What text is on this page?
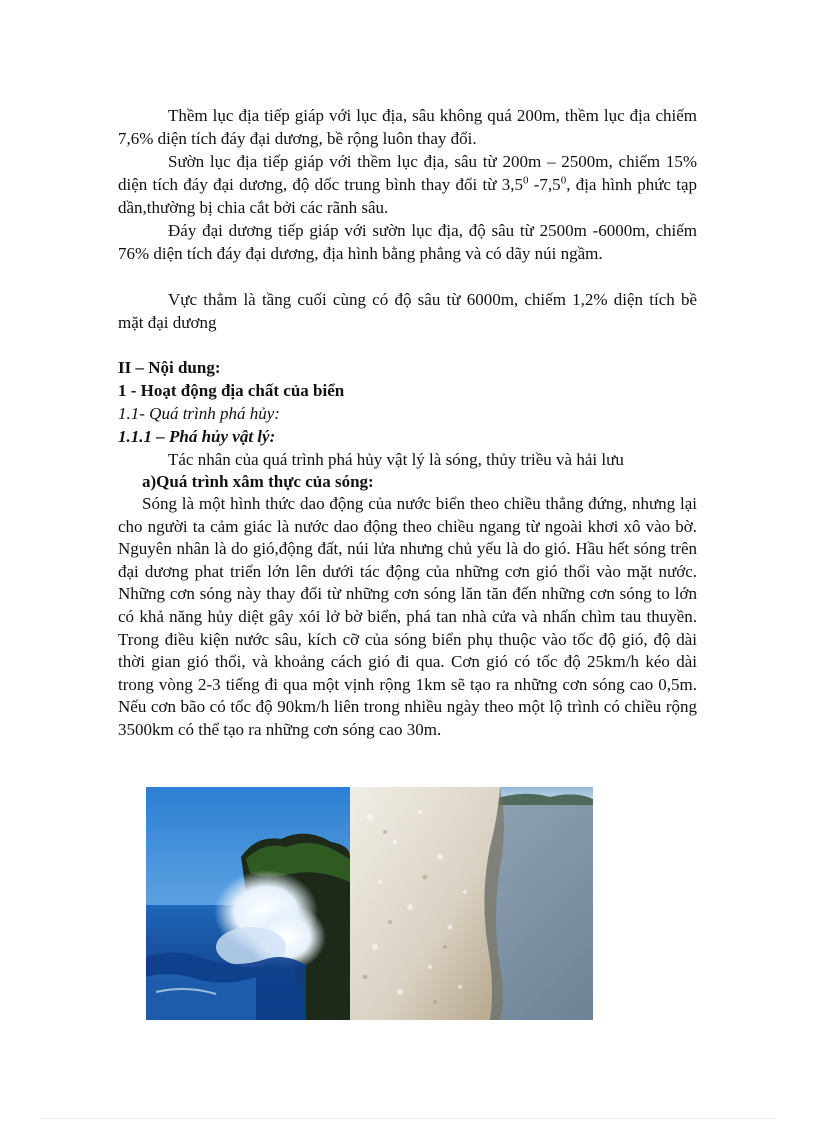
Thềm lục địa tiếp giáp với lục địa, sâu không quá 200m, thềm lục địa chiếm 7,6% diện tích đáy đại dương, bề rộng luôn thay đổi.

Sườn lục địa tiếp giáp với thềm lục địa, sâu từ 200m – 2500m, chiếm 15% diện tích đáy đại dương, độ dốc trung bình thay đổi từ $3,5^0$ $-7,5^0$, địa hình phức tạp dần,thường bị chia cắt bởi các rãnh sâu.

Đáy đại dương tiếp giáp với sườn lục địa, độ sâu từ 2500m -6000m, chiếm 76% diện tích đáy đại dương, địa hình bằng phẳng và có dãy núi ngầm.

Vực thẳm là tầng cuối cùng có độ sâu từ 6000m, chiếm 1,2% diện tích bề mặt đại dương

II – Nội dung:
1 - Hoạt động địa chất của biển
1.1- Quá trình phá hủy:
1.1.1 – Phá hủy vật lý:

Tác nhân của quá trình phá hủy vật lý là sóng, thủy triều và hải lưu

a)Quá trình xâm thực của sóng:

Sóng là một hình thức dao động của nước biển theo chiều thẳng đứng, nhưng lại cho người ta cảm giác là nước dao động theo chiều ngang từ ngoài khơi xô vào bờ. Nguyên nhân là do gió,động đất, núi lửa nhưng chủ yếu là do gió. Hầu hết sóng trên đại dương phat triển lớn lên dưới tác động của những cơn gió thổi vào mặt nước. Những cơn sóng này thay đổi từ những cơn sóng lăn tăn đến những cơn sóng to lớn có khả năng hủy diệt gây xói lở bờ biển, phá tan nhà cửa và nhấn chìm tau thuyền. Trong điều kiện nước sâu, kích cỡ của sóng biển phụ thuộc vào tốc độ gió, độ dài thời gian gió thổi, và khoảng cách gió đi qua. Cơn gió có tốc độ 25km/h kéo dài trong vòng 2-3 tiếng đi qua một vịnh rộng 1km sẽ tạo ra những cơn sóng cao 0,5m. Nếu cơn bão có tốc độ 90km/h liên trong nhiều ngày theo một lộ trình có chiều rộng 3500km có thể tạo ra những cơn sóng cao 30m.
